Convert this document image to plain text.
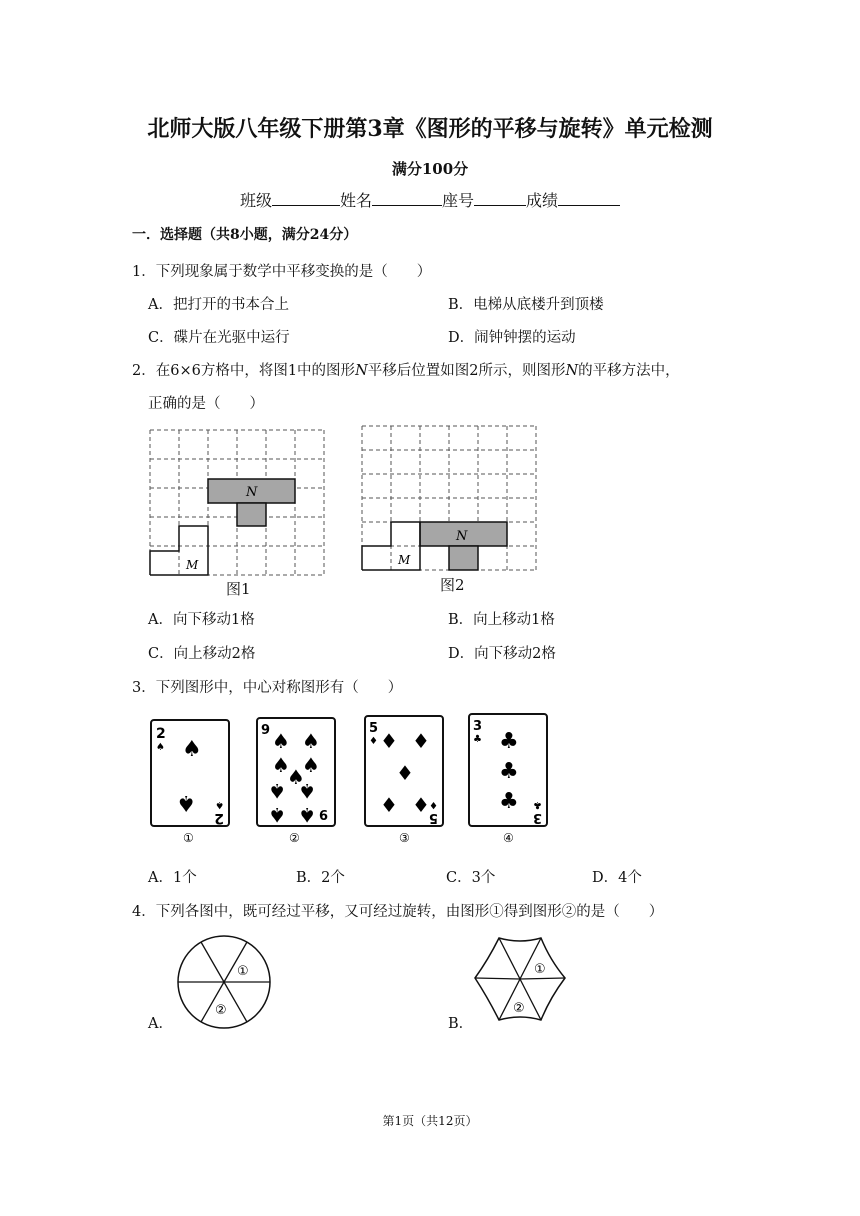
北师大版八年级下册第3章《图形的平移与旋转》单元检测
满分100分
班级	姓名	座号	成绩
一．选择题（共8小题，满分24分）
1．下列现象属于数学中平移变换的是（　　）
A．把打开的书本合上	B．电梯从底楼升到顶楼
C．碟片在光驱中运行	D．闹钟钟摆的运动
2．在6×6方格中，将图1中的图形N平移后位置如图2所示，则图形N的平移方法中，
正确的是（　　）
N
M
图1
N
M
图2
A．向下移动1格	B．向上移动1格
C．向上移动2格	D．向下移动2格
3．下列图形中，中心对称图形有（　　）
2
♠ ♠
♠
2
♠
①
9 ♠ ♠
♠ ♠
♠
♠ ♠
♠ ♠ 9
②
5
♦ ♦ ♦
♦
♦ ♦
5
♦
③
3
♣ ♣
♣
♣
3
♣
④
A．1个	B．2个	C．3个	D．4个
4．下列各图中，既可经过平移，又可经过旋转，由图形①得到图形②的是（　　）
A．
①
②
B．
①
②
第1页（共12页）
